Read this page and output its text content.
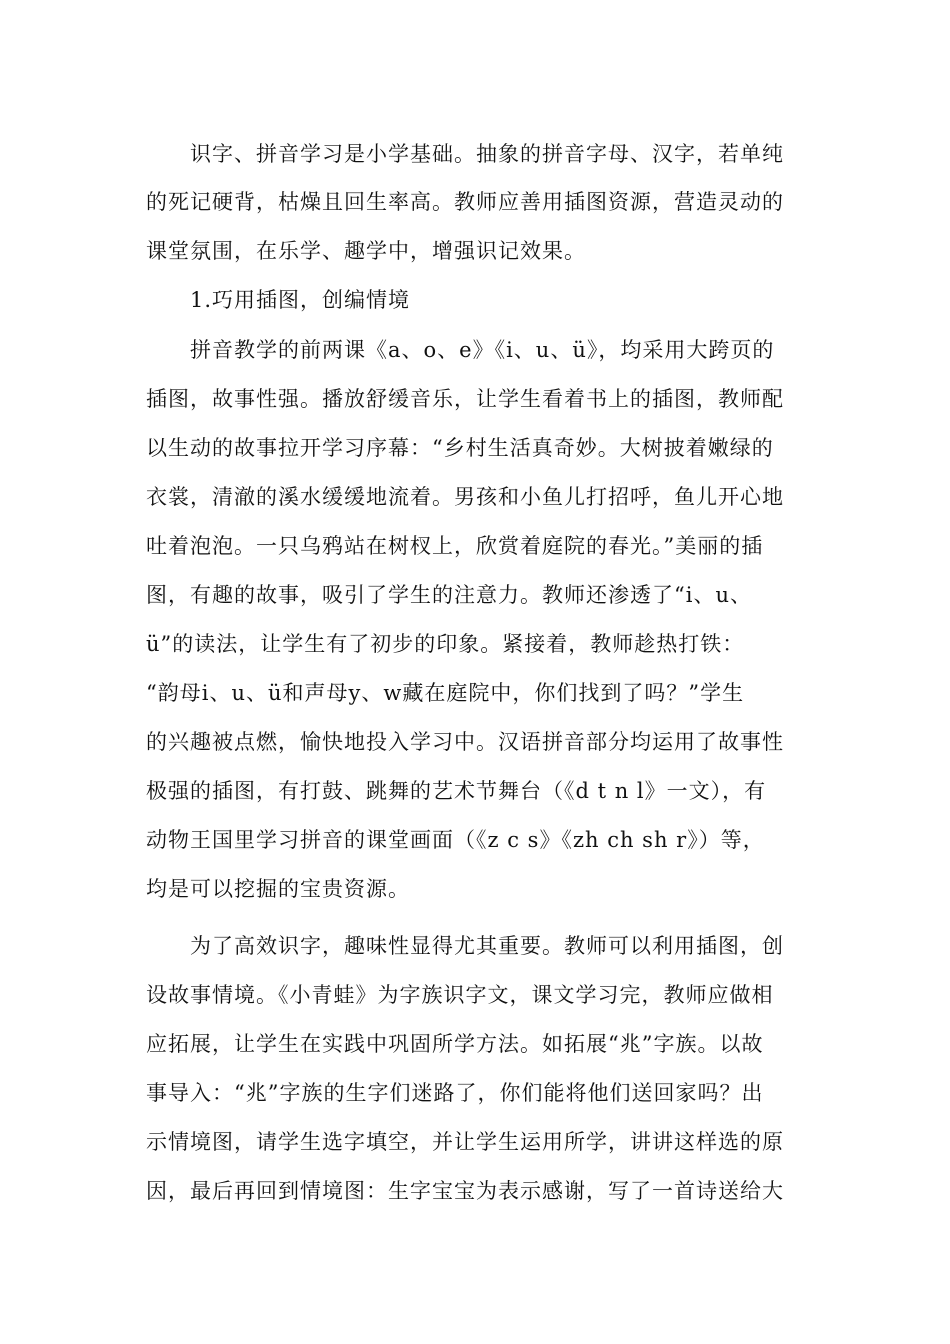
识字、拼音学习是小学基础。抽象的拼音字母、汉字，若单纯
的死记硬背，枯燥且回生率高。教师应善用插图资源，营造灵动的
课堂氛围，在乐学、趣学中，增强识记效果。
1.巧用插图，创编情境
拼音教学的前两课《a、o、e》《i、u、ü》，均采用大跨页的
插图，故事性强。播放舒缓音乐，让学生看着书上的插图，教师配
以生动的故事拉开学习序幕：“乡村生活真奇妙。大树披着嫩绿的
衣裳，清澈的溪水缓缓地流着。男孩和小鱼儿打招呼，鱼儿开心地
吐着泡泡。一只乌鸦站在树杈上，欣赏着庭院的春光。”美丽的插
图，有趣的故事，吸引了学生的注意力。教师还渗透了“i、u、
ü”的读法，让学生有了初步的印象。紧接着，教师趁热打铁：
“韵母i、u、ü和声母y、w藏在庭院中，你们找到了吗？”学生
的兴趣被点燃，愉快地投入学习中。汉语拼音部分均运用了故事性
极强的插图，有打鼓、跳舞的艺术节舞台（《d t n l》一文），有
动物王国里学习拼音的课堂画面（《z c s》《zh ch sh r》）等，
均是可以挖掘的宝贵资源。
为了高效识字，趣味性显得尤其重要。教师可以利用插图，创
设故事情境。《小青蛙》为字族识字文，课文学习完，教师应做相
应拓展，让学生在实践中巩固所学方法。如拓展“兆”字族。以故
事导入：“兆”字族的生字们迷路了，你们能将他们送回家吗？出
示情境图，请学生选字填空，并让学生运用所学，讲讲这样选的原
因，最后再回到情境图：生字宝宝为表示感谢，写了一首诗送给大
